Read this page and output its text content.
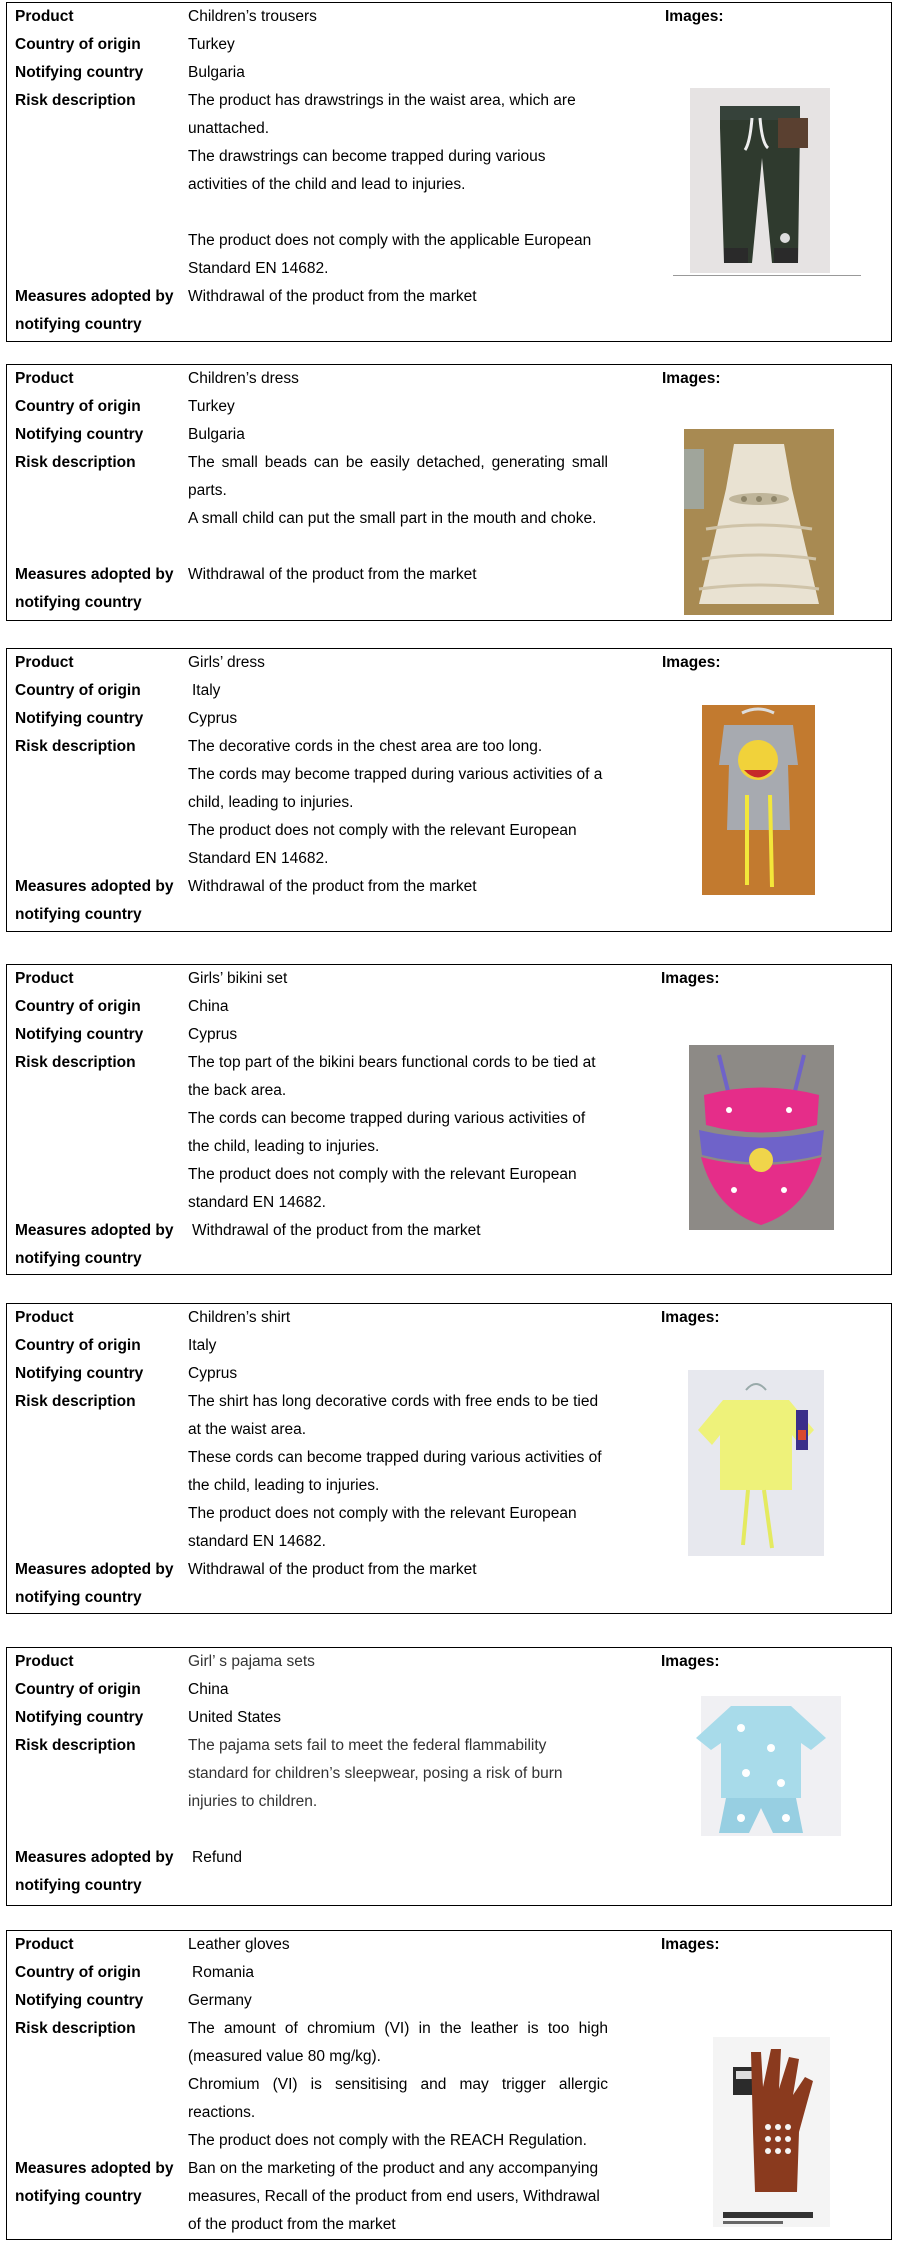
Product
Country of origin
Notifying country
Risk description
Measures adopted by
notifying country
Children’s trousers
Turkey
Bulgaria

The product has drawstrings in the waist area, which are unattached.

The drawstrings can become trapped during various activities of the child and lead to injuries.

The product does not comply with the applicable European Standard EN 14682.

Withdrawal of the product from the market
Images:
Product
Country of origin
Notifying country
Risk description
Measures adopted by
notifying country
Children’s dress
Turkey
Bulgaria

The small beads can be easily detached, generating small parts.

A small child can put the small part in the mouth and choke.

Withdrawal of the product from the market
Images:
Product
Country of origin
Notifying country
Risk description
Measures adopted by
notifying country
Girls’ dress
Italy
Cyprus

The decorative cords in the chest area are too long.

The cords may become trapped during various activities of a child, leading to injuries.

The product does not comply with the relevant European Standard EN 14682.

Withdrawal of the product from the market
Images:
Product
Country of origin
Notifying country
Risk description
Measures adopted by
notifying country
Girls’ bikini set
China
Cyprus

The top part of the bikini bears functional cords to be tied at the back area.

The cords can become trapped during various activities of the child, leading to injuries.

The product does not comply with the relevant European standard EN 14682.

Withdrawal of the product from the market
Images:
Product
Country of origin
Notifying country
Risk description
Measures adopted by
notifying country
Children’s shirt
Italy
Cyprus

The shirt has long decorative cords with free ends to be tied at the waist area.

These cords can become trapped during various activities of the child, leading to injuries.

The product does not comply with the relevant European standard EN 14682.

Withdrawal of the product from the market
Images:
Product
Country of origin
Notifying country
Risk description
Measures adopted by
notifying country
Girl’ s pajama sets
China
United States

The pajama sets fail to meet the federal flammability standard for children’s sleepwear, posing a risk of burn injuries to children.

Refund
Images:
Product
Country of origin
Notifying country
Risk description
Measures adopted by
notifying country
Leather gloves
Romania
Germany

The amount of chromium (VI) in the leather is too high (measured value 80 mg/kg).

Chromium (VI) is sensitising and may trigger allergic reactions.

The product does not comply with the REACH Regulation.

Ban on the marketing of the product and any accompanying measures, Recall of the product from end users, Withdrawal of the product from the market
Images:
